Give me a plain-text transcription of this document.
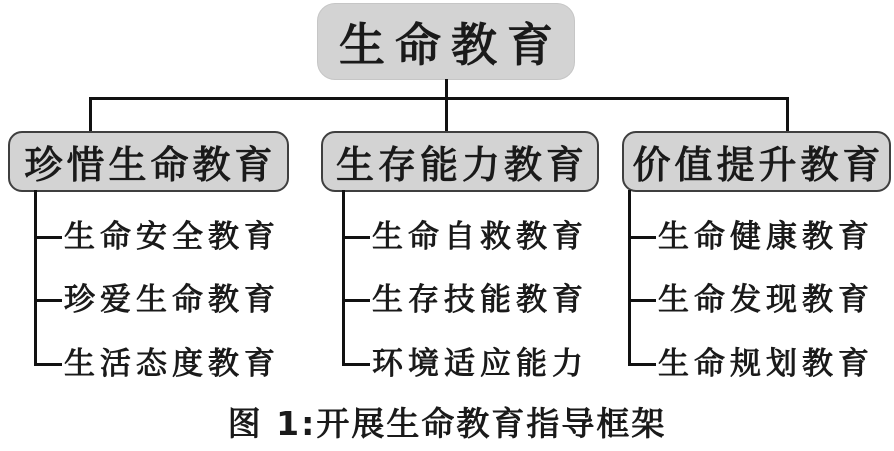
生命教育
珍惜生命教育 生存能力教育 价值提升教育
生命安全教育
珍爱生命教育
生活态度教育
生命自救教育
生存技能教育
环境适应能力
生命健康教育
生命发现教育
生命规划教育
图 1:开展生命教育指导框架
